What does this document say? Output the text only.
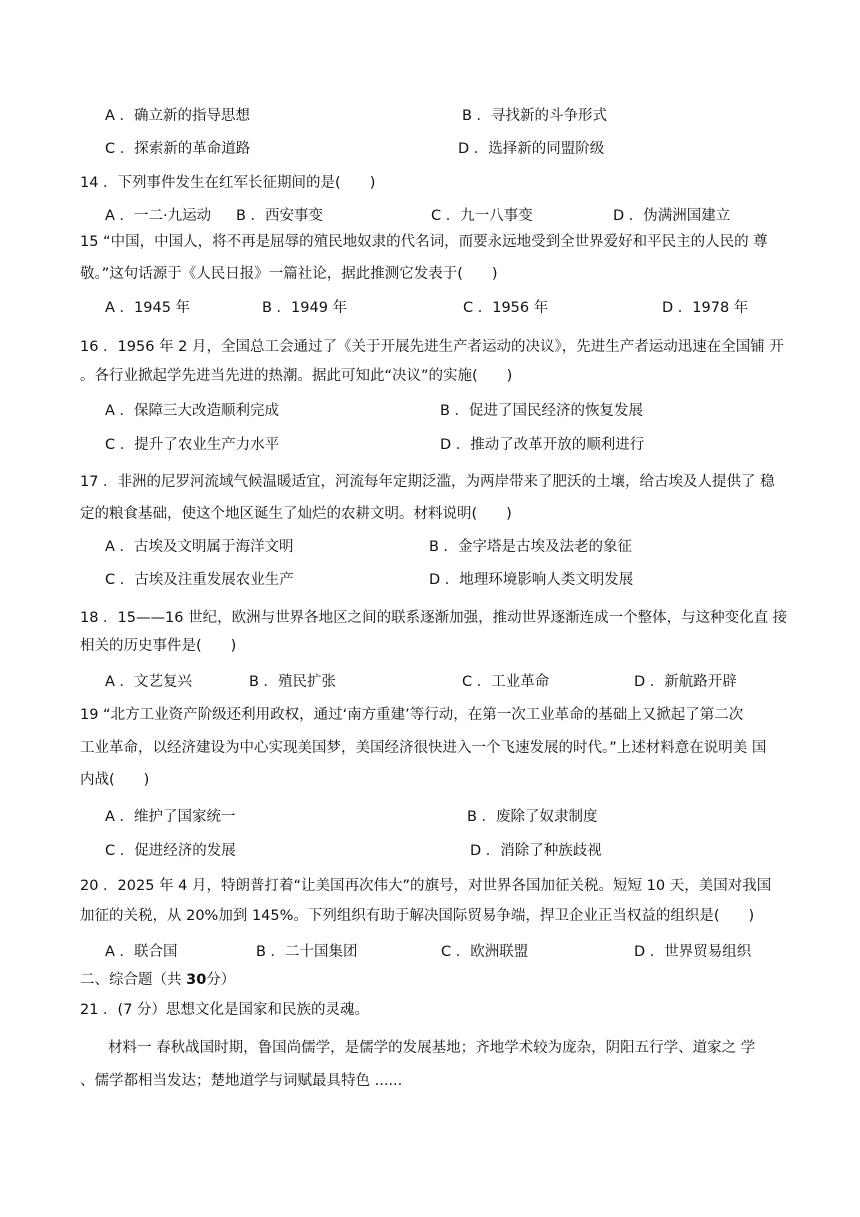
A ．确立新的指导思想	B ．寻找新的斗争形式
C ．探索新的革命道路	D ．选择新的同盟阶级
14 ．下列事件发生在红军长征期间的是(　　)
A ．一二·九运动 B ．西安事变	C ．九一八事变	D ．伪满洲国建立
15 “中国，中国人，将不再是屈辱的殖民地奴隶的代名词，而要永远地受到全世界爱好和平民主的人民的 尊
敬。”这句话源于《人民日报》一篇社论，据此推测它发表于(　　)
A ．1945 年	B ．1949 年	C ．1956 年	D ．1978 年
16 ．1956 年 2 月，全国总工会通过了《关于开展先进生产者运动的决议》，先进生产者运动迅速在全国铺 开
。各行业掀起学先进当先进的热潮。据此可知此“决议”的实施(　　)
A ．保障三大改造顺利完成	B ．促进了国民经济的恢复发展
C ．提升了农业生产力水平	D ．推动了改革开放的顺利进行
17 ．非洲的尼罗河流域气候温暖适宜，河流每年定期泛滥，为两岸带来了肥沃的土壤，给古埃及人提供了 稳
定的粮食基础，使这个地区诞生了灿烂的农耕文明。材料说明(　　)
A ．古埃及文明属于海洋文明	B ．金字塔是古埃及法老的象征
C ．古埃及注重发展农业生产	D ．地理环境影响人类文明发展
18 ．15——16 世纪，欧洲与世界各地区之间的联系逐渐加强，推动世界逐渐连成一个整体，与这种变化直 接
相关的历史事件是(　　)
A ．文艺复兴	B ．殖民扩张	C ．工业革命	D ．新航路开辟
19 “北方工业资产阶级还利用政权，通过‘南方重建’等行动，在第一次工业革命的基础上又掀起了第二次
工业革命，以经济建设为中心实现美国梦，美国经济很快进入一个飞速发展的时代。”上述材料意在说明美 国
内战(　　)
A ．维护了国家统一	B ．废除了奴隶制度
C ．促进经济的发展	D ．消除了种族歧视
20 ．2025 年 4 月，特朗普打着“让美国再次伟大”的旗号，对世界各国加征关税。短短 10 天，美国对我国
加征的关税，从 20%加到 145%。下列组织有助于解决国际贸易争端，捍卫企业正当权益的组织是(　　)
A ．联合国	B ．二十国集团	C ．欧洲联盟	D ．世界贸易组织
二、综合题（共 30分）
21 ．(7 分）思想文化是国家和民族的灵魂。
材料一 春秋战国时期，鲁国尚儒学，是儒学的发展基地；齐地学术较为庞杂，阴阳五行学、道家之 学
、儒学都相当发达；楚地道学与词赋最具特色 ......
